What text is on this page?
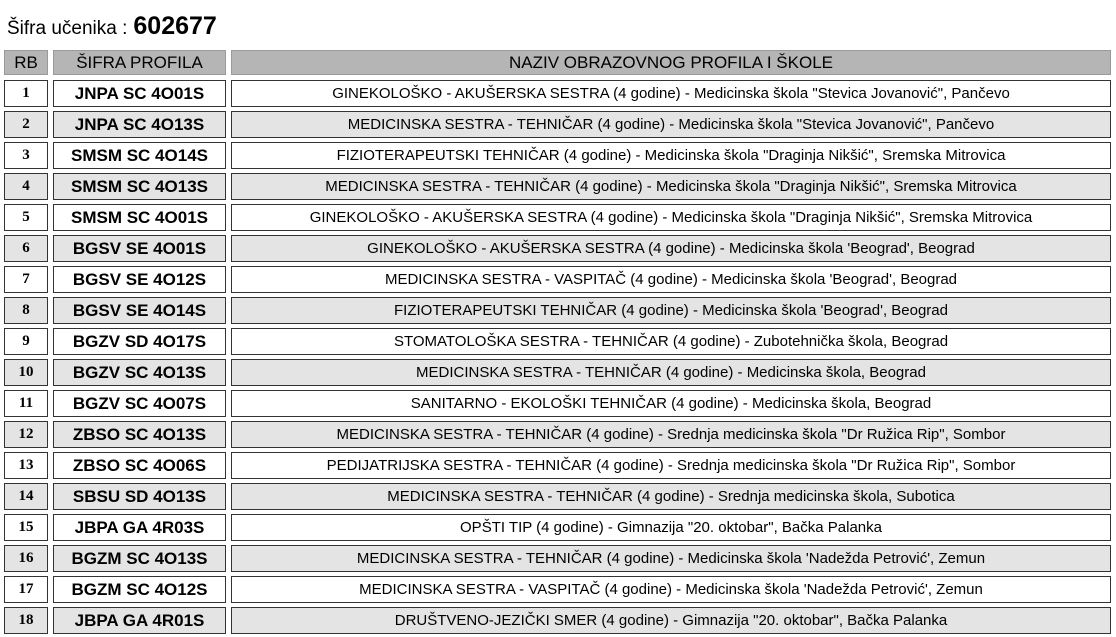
Šifra učenika : 602677
RB	ŠIFRA PROFILA	NAZIV OBRAZOVNOG PROFILA I ŠKOLE
1	JNPA SC 4O01S	GINEKOLOŠKO - AKUŠERSKA SESTRA (4 godine) - Medicinska škola "Stevica Jovanović", Pančevo
2	JNPA SC 4O13S	MEDICINSKA SESTRA - TEHNIČAR (4 godine) - Medicinska škola "Stevica Jovanović", Pančevo
3	SMSM SC 4O14S	FIZIOTERAPEUTSKI TEHNIČAR (4 godine) - Medicinska škola "Draginja Nikšić", Sremska Mitrovica
4	SMSM SC 4O13S	MEDICINSKA SESTRA - TEHNIČAR (4 godine) - Medicinska škola "Draginja Nikšić", Sremska Mitrovica
5	SMSM SC 4O01S	GINEKOLOŠKO - AKUŠERSKA SESTRA (4 godine) - Medicinska škola "Draginja Nikšić", Sremska Mitrovica
6	BGSV SE 4O01S	GINEKOLOŠKO - AKUŠERSKA SESTRA (4 godine) - Medicinska škola 'Beograd', Beograd
7	BGSV SE 4O12S	MEDICINSKA SESTRA - VASPITAČ (4 godine) - Medicinska škola 'Beograd', Beograd
8	BGSV SE 4O14S	FIZIOTERAPEUTSKI TEHNIČAR (4 godine) - Medicinska škola 'Beograd', Beograd
9	BGZV SD 4O17S	STOMATOLOŠKA SESTRA - TEHNIČAR (4 godine) - Zubotehnička škola, Beograd
10	BGZV SC 4O13S	MEDICINSKA SESTRA - TEHNIČAR (4 godine) - Medicinska škola, Beograd
11	BGZV SC 4O07S	SANITARNO - EKOLOŠKI TEHNIČAR (4 godine) - Medicinska škola, Beograd
12	ZBSO SC 4O13S	MEDICINSKA SESTRA - TEHNIČAR (4 godine) - Srednja medicinska škola "Dr Ružica Rip", Sombor
13	ZBSO SC 4O06S	PEDIJATRIJSKA SESTRA - TEHNIČAR (4 godine) - Srednja medicinska škola "Dr Ružica Rip", Sombor
14	SBSU SD 4O13S	MEDICINSKA SESTRA - TEHNIČAR (4 godine) - Srednja medicinska škola, Subotica
15	JBPA GA 4R03S	OPŠTI TIP (4 godine) - Gimnazija "20. oktobar", Bačka Palanka
16	BGZM SC 4O13S	MEDICINSKA SESTRA - TEHNIČAR (4 godine) - Medicinska škola 'Nadežda Petrović', Zemun
17	BGZM SC 4O12S	MEDICINSKA SESTRA - VASPITAČ (4 godine) - Medicinska škola 'Nadežda Petrović', Zemun
18	JBPA GA 4R01S	DRUŠTVENO-JEZIČKI SMER (4 godine) - Gimnazija "20. oktobar", Bačka Palanka
